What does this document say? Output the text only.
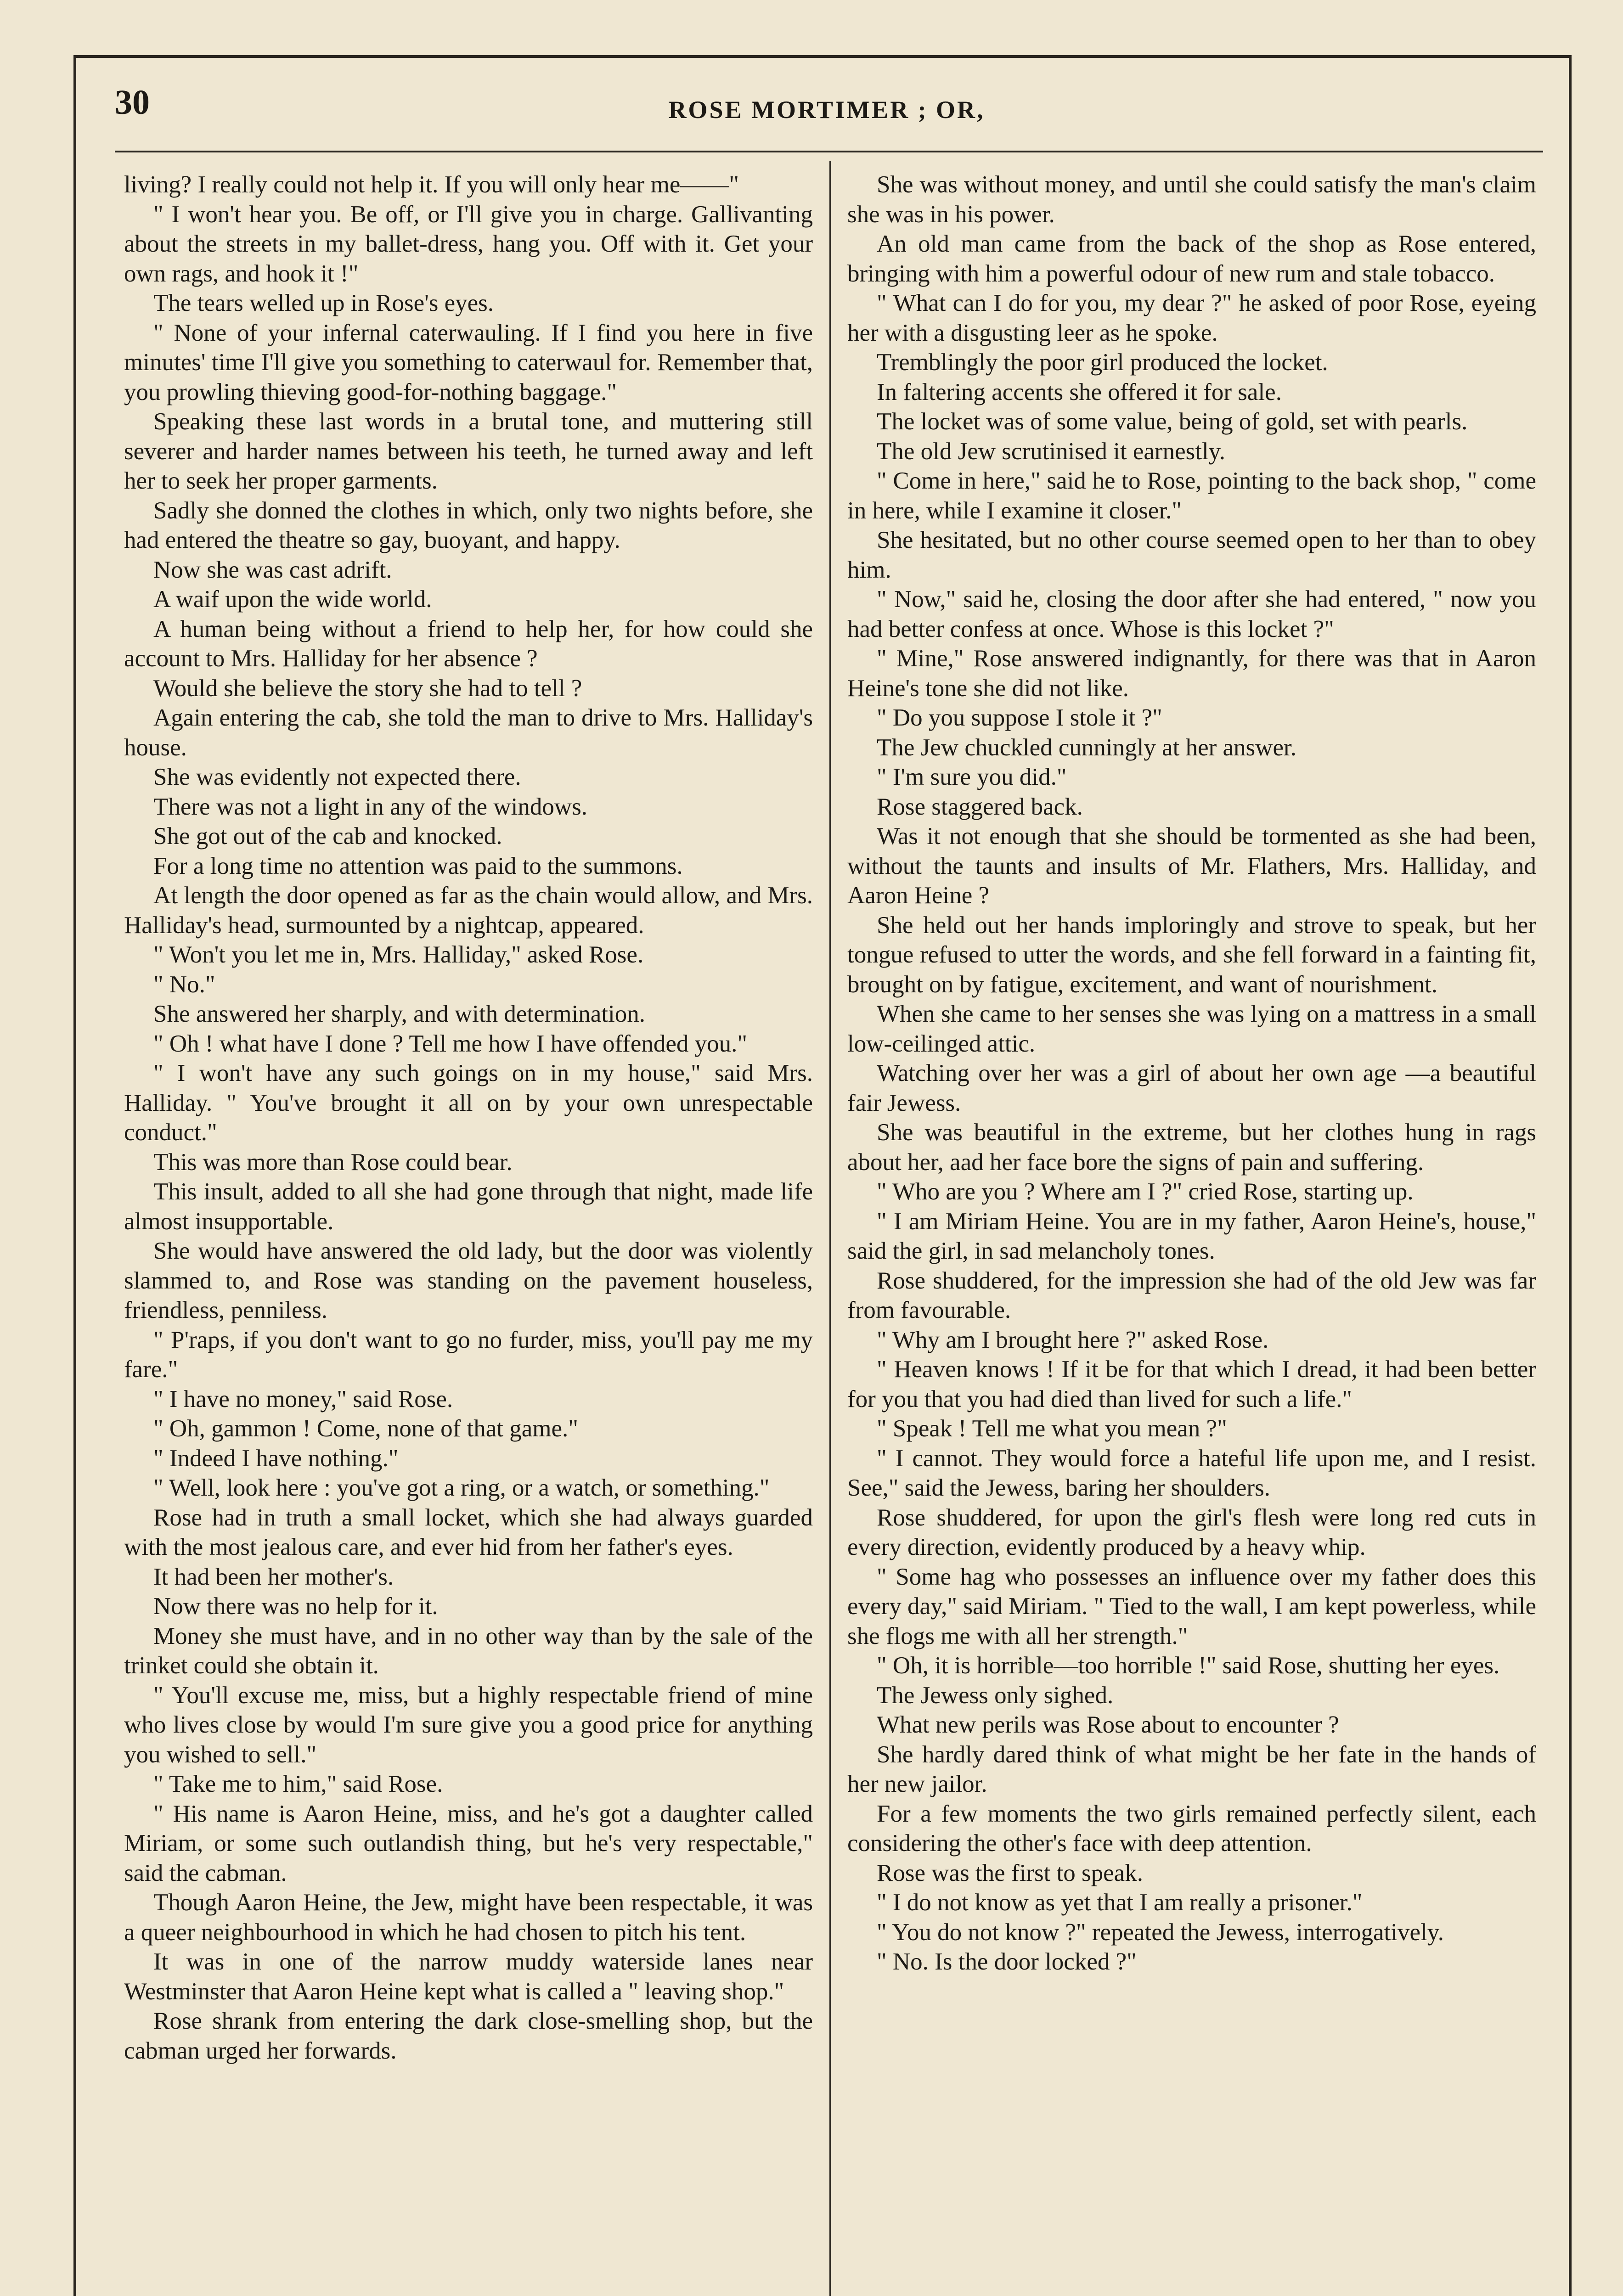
30	ROSE MORTIMER ; OR,

living? I really could not help it. If you will only hear me——"

" I won't hear you. Be off, or I'll give you in charge. Gallivanting about the streets in my ballet-dress, hang you. Off with it. Get your own rags, and hook it !"

The tears welled up in Rose's eyes.

" None of your infernal caterwauling. If I find you here in five minutes' time I'll give you something to caterwaul for. Remember that, you prowling thieving good-for-nothing baggage."

Speaking these last words in a brutal tone, and muttering still severer and harder names between his teeth, he turned away and left her to seek her proper garments.

Sadly she donned the clothes in which, only two nights before, she had entered the theatre so gay, buoyant, and happy.

Now she was cast adrift.

A waif upon the wide world.

A human being without a friend to help her, for how could she account to Mrs. Halliday for her absence ?

Would she believe the story she had to tell ?

Again entering the cab, she told the man to drive to Mrs. Halliday's house.

She was evidently not expected there.

There was not a light in any of the windows.

She got out of the cab and knocked.

For a long time no attention was paid to the summons.

At length the door opened as far as the chain would allow, and Mrs. Halliday's head, surmounted by a nightcap, appeared.

" Won't you let me in, Mrs. Halliday," asked Rose.

" No."

She answered her sharply, and with determination.

" Oh ! what have I done ? Tell me how I have offended you."

" I won't have any such goings on in my house," said Mrs. Halliday. " You've brought it all on by your own unrespectable conduct."

This was more than Rose could bear.

This insult, added to all she had gone through that night, made life almost insupportable.

She would have answered the old lady, but the door was violently slammed to, and Rose was standing on the pavement houseless, friendless, penniless.

" P'raps, if you don't want to go no furder, miss, you'll pay me my fare."

" I have no money," said Rose.

" Oh, gammon ! Come, none of that game."

" Indeed I have nothing."

" Well, look here : you've got a ring, or a watch, or something."

Rose had in truth a small locket, which she had always guarded with the most jealous care, and ever hid from her father's eyes.

It had been her mother's.

Now there was no help for it.

Money she must have, and in no other way than by the sale of the trinket could she obtain it.

" You'll excuse me, miss, but a highly respectable friend of mine who lives close by would I'm sure give you a good price for anything you wished to sell."

" Take me to him," said Rose.

" His name is Aaron Heine, miss, and he's got a daughter called Miriam, or some such outlandish thing, but he's very respectable," said the cabman.

Though Aaron Heine, the Jew, might have been respectable, it was a queer neighbourhood in which he had chosen to pitch his tent.

It was in one of the narrow muddy waterside lanes near Westminster that Aaron Heine kept what is called a " leaving shop."

Rose shrank from entering the dark close-smelling shop, but the cabman urged her forwards.

She was without money, and until she could satisfy the man's claim she was in his power.

An old man came from the back of the shop as Rose entered, bringing with him a powerful odour of new rum and stale tobacco.

" What can I do for you, my dear ?" he asked of poor Rose, eyeing her with a disgusting leer as he spoke.

Tremblingly the poor girl produced the locket.

In faltering accents she offered it for sale.

The locket was of some value, being of gold, set with pearls.

The old Jew scrutinised it earnestly.

" Come in here," said he to Rose, pointing to the back shop, " come in here, while I examine it closer."

She hesitated, but no other course seemed open to her than to obey him.

" Now," said he, closing the door after she had entered, " now you had better confess at once. Whose is this locket ?"

" Mine," Rose answered indignantly, for there was that in Aaron Heine's tone she did not like.

" Do you suppose I stole it ?"

The Jew chuckled cunningly at her answer.

" I'm sure you did."

Rose staggered back.

Was it not enough that she should be tormented as she had been, without the taunts and insults of Mr. Flathers, Mrs. Halliday, and Aaron Heine ?

She held out her hands imploringly and strove to speak, but her tongue refused to utter the words, and she fell forward in a fainting fit, brought on by fatigue, excitement, and want of nourishment.

When she came to her senses she was lying on a mattress in a small low-ceilinged attic.

Watching over her was a girl of about her own age —a beautiful fair Jewess.

She was beautiful in the extreme, but her clothes hung in rags about her, aad her face bore the signs of pain and suffering.

" Who are you ? Where am I ?" cried Rose, starting up.

" I am Miriam Heine. You are in my father, Aaron Heine's, house," said the girl, in sad melancholy tones.

Rose shuddered, for the impression she had of the old Jew was far from favourable.

" Why am I brought here ?" asked Rose.

" Heaven knows ! If it be for that which I dread, it had been better for you that you had died than lived for such a life."

" Speak ! Tell me what you mean ?"

" I cannot. They would force a hateful life upon me, and I resist. See," said the Jewess, baring her shoulders.

Rose shuddered, for upon the girl's flesh were long red cuts in every direction, evidently produced by a heavy whip.

" Some hag who possesses an influence over my father does this every day," said Miriam. " Tied to the wall, I am kept powerless, while she flogs me with all her strength."

" Oh, it is horrible—too horrible !" said Rose, shutting her eyes.

The Jewess only sighed.

What new perils was Rose about to encounter ?

She hardly dared think of what might be her fate in the hands of her new jailor.

For a few moments the two girls remained perfectly silent, each considering the other's face with deep attention.

Rose was the first to speak.

" I do not know as yet that I am really a prisoner."

" You do not know ?" repeated the Jewess, interrogatively.

" No. Is the door locked ?"
